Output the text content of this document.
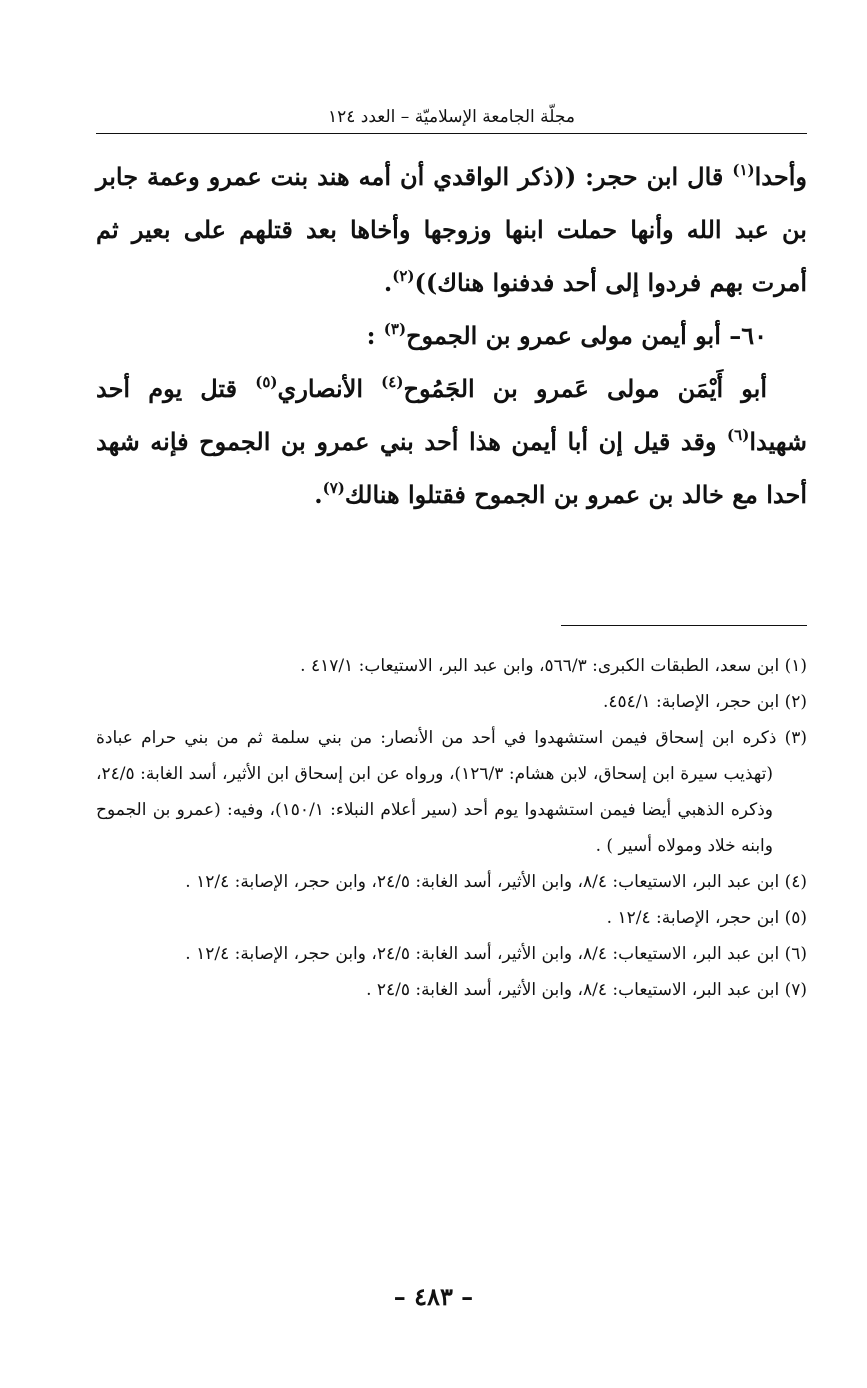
مجلّة الجامعة الإسلاميّة – العدد ١٢٤

وأحدا$^{(١)}$ قال ابن حجر: ((ذكر الواقدي أن أمه هند بنت عمرو وعمة جابر بن عبد الله وأنها حملت ابنها وزوجها وأخاها بعد قتلهم على بعير ثم أمرت بهم فردوا إلى أحد فدفنوا هناك))$^{(٢)}$.

٦٠– أبو أيمن مولى عمرو بن الجموح$^{(٣)}$ :

أبو أَيْمَن مولى عَمرو بن الجَمُوح$^{(٤)}$ الأنصاري$^{(٥)}$ قتل يوم أحد شهيدا$^{(٦)}$ وقد قيل إن أبا أيمن هذا أحد بني عمرو بن الجموح فإنه شهد أحدا مع خالد بن عمرو بن الجموح فقتلوا هنالك$^{(٧)}$.

(١) ابن سعد، الطبقات الكبرى: ٥٦٦/٣، وابن عبد البر، الاستيعاب: ٤١٧/١ .

(٢) ابن حجر، الإصابة: ٤٥٤/١.

(٣) ذكره ابن إسحاق فيمن استشهدوا في أحد من الأنصار: من بني سلمة ثم من بني حرام عبادة (تهذيب سيرة ابن إسحاق، لابن هشام: ١٢٦/٣)، ورواه عن ابن إسحاق ابن الأثير، أسد الغابة: ٢٤/٥، وذكره الذهبي أيضا فيمن استشهدوا يوم أحد (سير أعلام النبلاء: ١٥٠/١)، وفيه: (عمرو بن الجموح وابنه خلاد ومولاه أسير ) .

(٤) ابن عبد البر، الاستيعاب: ٨/٤، وابن الأثير، أسد الغابة: ٢٤/٥، وابن حجر، الإصابة: ١٢/٤ .

(٥) ابن حجر، الإصابة: ١٢/٤ .

(٦) ابن عبد البر، الاستيعاب: ٨/٤، وابن الأثير، أسد الغابة: ٢٤/٥، وابن حجر، الإصابة: ١٢/٤ .

(٧) ابن عبد البر، الاستيعاب: ٨/٤، وابن الأثير، أسد الغابة: ٢٤/٥ .

– ٤٨٣ –
